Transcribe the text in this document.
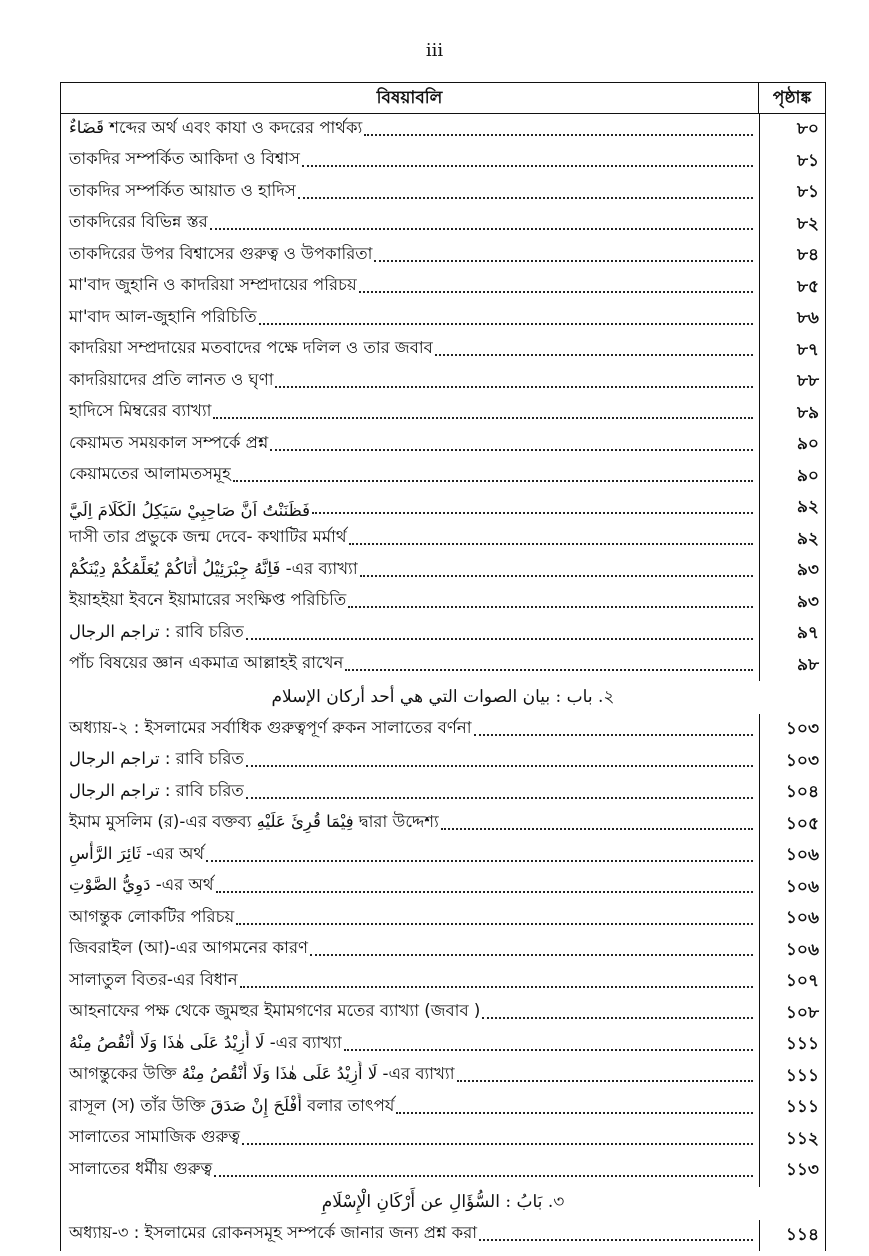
iii
বিষয়াবলি	পৃষ্ঠাঙ্ক
قَضَاءٌ শব্দের অর্থ এবং কাযা ও কদরের পার্থক্য	৮০
তাকদির সম্পর্কিত আকিদা ও বিশ্বাস	৮১
তাকদির সম্পর্কিত আয়াত ও হাদিস	৮১
তাকদিরের বিভিন্ন স্তর	৮২
তাকদিরের উপর বিশ্বাসের গুরুত্ব ও উপকারিতা	৮৪
মা'বাদ জুহানি ও কাদরিয়া সম্প্রদায়ের পরিচয়	৮৫
মা'বাদ আল-জুহানি পরিচিতি	৮৬
কাদরিয়া সম্প্রদায়ের মতবাদের পক্ষে দলিল ও তার জবাব	৮৭
কাদরিয়াদের প্রতি লানত ও ঘৃণা	৮৮
হাদিসে মিম্বরের ব্যাখ্যা	৮৯
কেয়ামত সময়কাল সম্পর্কে প্রশ্ন	৯০
কেয়ামতের আলামতসমূহ	৯০
فَظَنَنْتُ اَنَّ صَاحِبِيْ سَيَكِلُ الْكَلَامَ اِلَيَّ	৯২
দাসী তার প্রভুকে জন্ম দেবে- কথাটির মর্মার্থ	৯২
فَاِنَّهُ جِبْرَئِيْلُ أَتَاكُمْ يُعَلِّمُكُمْ دِيْنَكُمْ -এর ব্যাখ্যা	৯৩
ইয়াহইয়া ইবনে ইয়ামারের সংক্ষিপ্ত পরিচিতি	৯৩
تراجم الرجال : রাবি চরিত	৯৭
পাঁচ বিষয়ের জ্ঞান একমাত্র আল্লাহই রাখেন	৯৮
২. باب : بيان الصوات التي هي أحد أركان الإسلام
অধ্যায়-২ : ইসলামের সর্বাধিক গুরুত্বপূর্ণ রুকন সালাতের বর্ণনা	১০৩
تراجم الرجال : রাবি চরিত	১০৩
تراجم الرجال : রাবি চরিত	১০৪
ইমাম মুসলিম (র)-এর বক্তব্য فِيْمَا قُرِئَ عَلَيْهِ দ্বারা উদ্দেশ্য	১০৫
ثَائِرَ الرَّأْسِ -এর অর্থ	১০৬
دَوِيُّ الصَّوْتِ -এর অর্থ	১০৬
আগন্তুক লোকটির পরিচয়	১০৬
জিবরাইল (আ)-এর আগমনের কারণ	১০৬
সালাতুল বিতর-এর বিধান	১০৭
আহনাফের পক্ষ থেকে জুমহুর ইমামগণের মতের ব্যাখ্যা (জবাব )	১০৮
لَا أَزِيْدُ عَلَى هٰذَا وَلَا أَنْقُصُ مِنْهُ -এর ব্যাখ্যা	১১১
আগন্তুকের উক্তি لَا أَزِيْدُ عَلَى هٰذَا وَلَا أَنْقُصُ مِنْهُ -এর ব্যাখ্যা	১১১
রাসূল (স) তাঁর উক্তি أَفْلَحَ إِنْ صَدَقَ বলার তাৎপর্য	১১১
সালাতের সামাজিক গুরুত্ব	১১২
সালাতের ধর্মীয় গুরুত্ব	১১৩
৩. بَابُ : السُّؤَالِ عن أَرْكَانِ الْإِسْلَامِ
অধ্যায়-৩ : ইসলামের রোকনসমূহ সম্পর্কে জানার জন্য প্রশ্ন করা	১১৪
